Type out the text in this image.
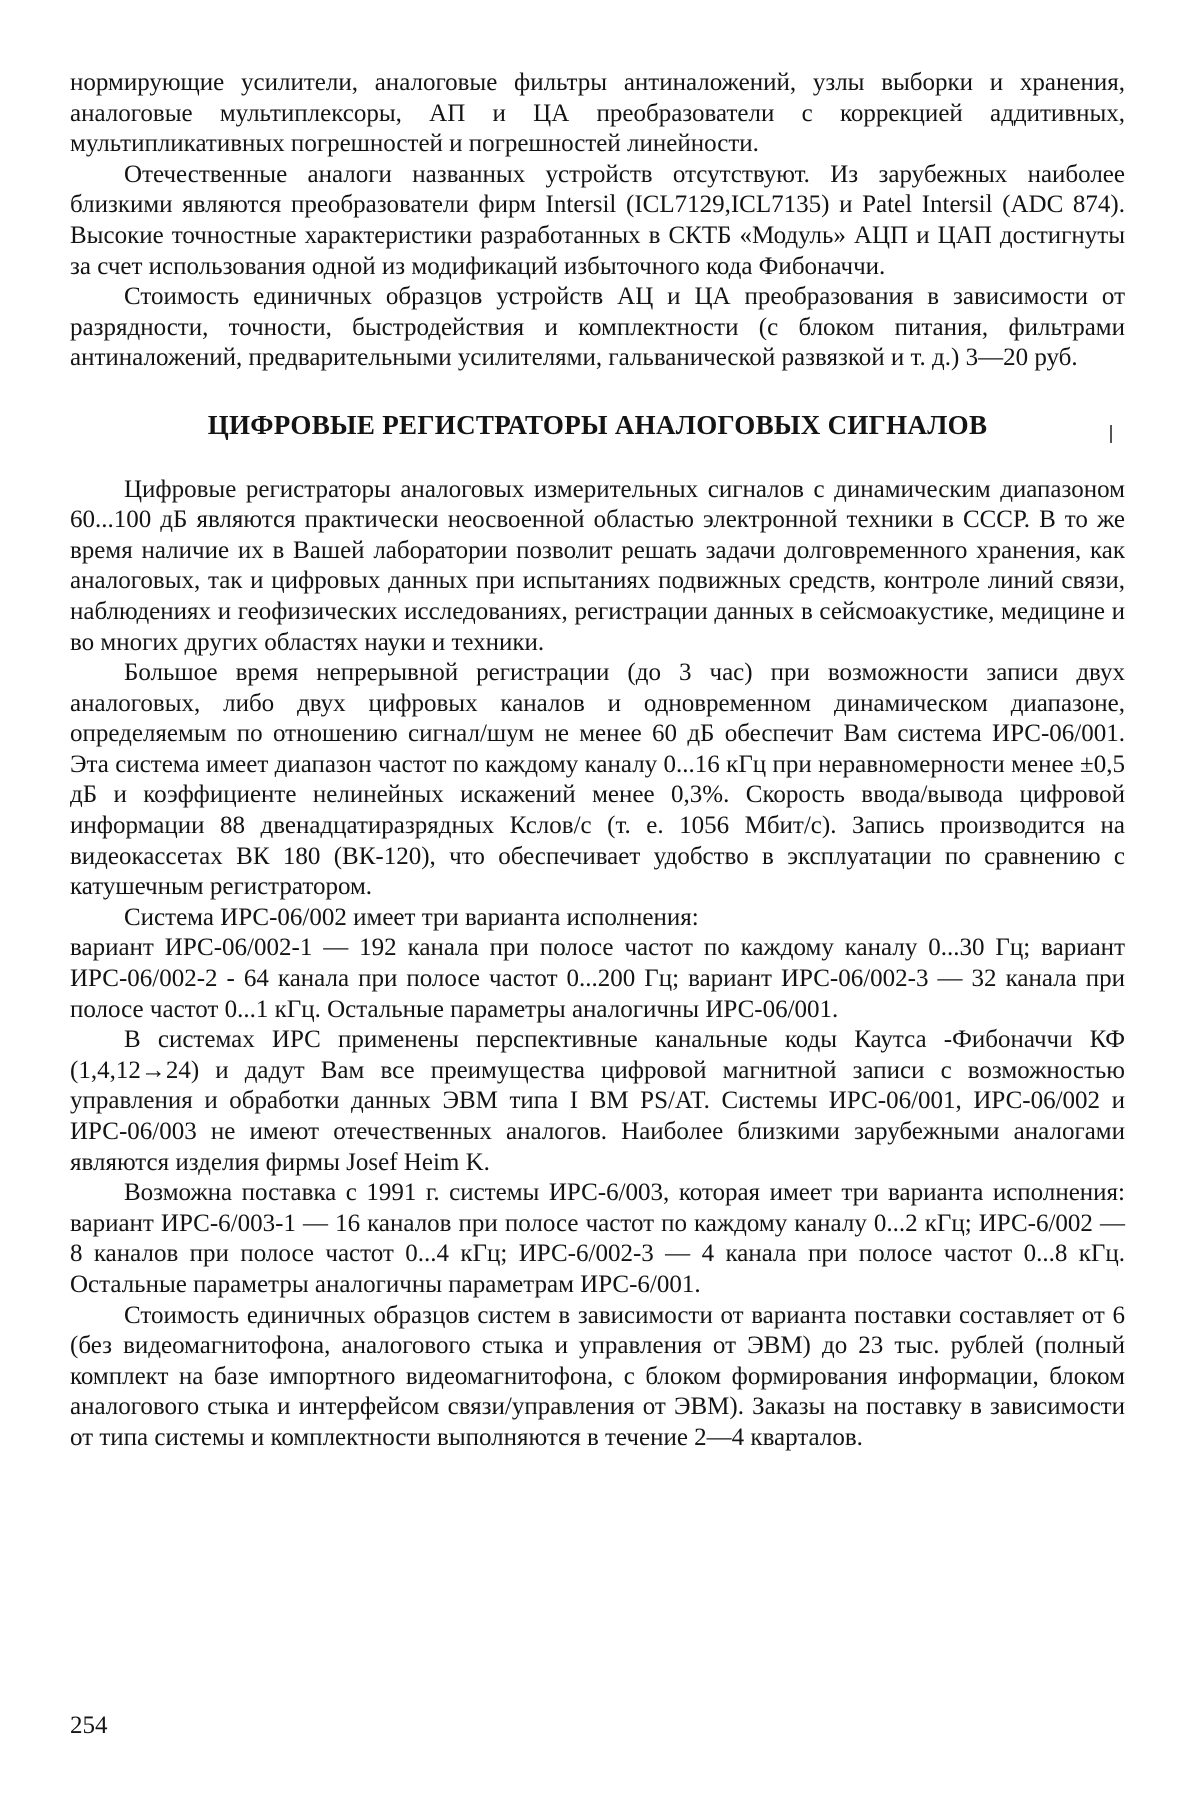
нормирующие усилители, аналоговые фильтры антиналожений, узлы выборки и хранения, аналоговые мультиплексоры, АП и ЦА преобразователи с коррекцией аддитивных, мультипликативных погрешностей и погрешностей линейности.

Отечественные аналоги названных устройств отсутствуют. Из зарубежных наиболее близкими являются преобразователи фирм Intersil (ICL7129,ICL7135) и Patel Intersil (ADC 874). Высокие точностные характеристики разработанных в СКТБ «Модуль» АЦП и ЦАП достигнуты за счет использования одной из модификаций избыточного кода Фибоначчи.

Стоимость единичных образцов устройств АЦ и ЦА преобразования в зависимости от разрядности, точности, быстродействия и комплектности (с блоком питания, фильтрами антиналожений, предварительными усилителями, гальванической развязкой и т. д.) 3—20 руб.

ЦИФРОВЫЕ РЕГИСТРАТОРЫ АНАЛОГОВЫХ СИГНАЛОВ

Цифровые регистраторы аналоговых измерительных сигналов с динамическим диапазоном 60...100 дБ являются практически неосвоенной областью электронной техники в СССР. В то же время наличие их в Вашей лаборатории позволит решать задачи долговременного хранения, как аналоговых, так и цифровых данных при испытаниях подвижных средств, контроле линий связи, наблюдениях и геофизических исследованиях, регистрации данных в сейсмоакустике, медицине и во многих других областях науки и техники.

Большое время непрерывной регистрации (до 3 час) при возможности записи двух аналоговых, либо двух цифровых каналов и одновременном динамическом диапазоне, определяемым по отношению сигнал/шум не менее 60 дБ обеспечит Вам система ИРС-06/001. Эта система имеет диапазон частот по каждому каналу 0...16 кГц при неравномерности менее ±0,5 дБ и коэффициенте нелинейных искажений менее 0,3%. Скорость ввода/вывода цифровой информации 88 двенадцатиразрядных Кслов/с (т. е. 1056 Мбит/с). Запись производится на видеокассетах ВК 180 (ВК-120), что обеспечивает удобство в эксплуатации по сравнению с катушечным регистратором.

Система ИРС-06/002 имеет три варианта исполнения:

вариант ИРС-06/002-1 — 192 канала при полосе частот по каждому каналу 0...30 Гц; вариант ИРС-06/002-2 - 64 канала при полосе частот 0...200 Гц; вариант ИРС-06/002-3 — 32 канала при полосе частот 0...1 кГц. Остальные параметры аналогичны ИРС-06/001.

В системах ИРС применены перспективные канальные коды Каутса -Фибоначчи КФ (1,4,12→24) и дадут Вам все преимущества цифровой магнитной записи с возможностью управления и обработки данных ЭВМ типа I BM PS/AT. Системы ИРС-06/001, ИРС-06/002 и ИРС-06/003 не имеют отечественных аналогов. Наиболее близкими зарубежными аналогами являются изделия фирмы Josef Heim K.

Возможна поставка с 1991 г. системы ИРС-6/003, которая имеет три варианта исполнения: вариант ИРС-6/003-1 — 16 каналов при полосе частот по каждому каналу 0...2 кГц; ИРС-6/002 — 8 каналов при полосе частот 0...4 кГц; ИРС-6/002-3 — 4 канала при полосе частот 0...8 кГц. Остальные параметры аналогичны параметрам ИРС-6/001.

Стоимость единичных образцов систем в зависимости от варианта поставки составляет от 6 (без видеомагнитофона, аналогового стыка и управления от ЭВМ) до 23 тыс. рублей (полный комплект на базе импортного видеомагнитофона, с блоком формирования информации, блоком аналогового стыка и интерфейсом связи/управления от ЭВМ). Заказы на поставку в зависимости от типа системы и комплектности выполняются в течение 2—4 кварталов.

254
